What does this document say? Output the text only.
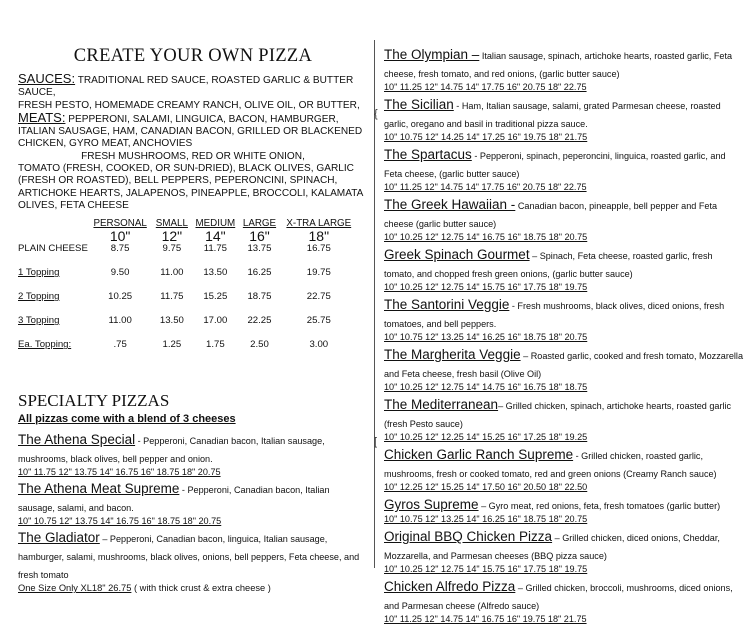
CREATE YOUR OWN PIZZA
SAUCES: TRADITIONAL RED SAUCE, ROASTED GARLIC & BUTTER SAUCE,
FRESH PESTO, HOMEMADE CREAMY RANCH, OLIVE OIL, OR BUTTER,
MEATS: PEPPERONI, SALAMI, LINGUICA, BACON, HAMBURGER, ITALIAN SAUSAGE, HAM, CANADIAN BACON, GRILLED OR BLACKENED CHICKEN, GYRO MEAT, ANCHOVIES
FRESH MUSHROOMS, RED OR WHITE ONION,
TOMATO (FRESH, COOKED, OR SUN-DRIED), BLACK OLIVES, GARLIC (FRESH OR ROASTED), BELL PEPPERS, PEPERONCINI, SPINACH, ARTICHOKE HEARTS, JALAPENOS, PINEAPPLE, BROCCOLI, KALAMATA OLIVES, FETA CHEESE
	PERSONAL	SMALL	MEDIUM	LARGE	X-TRA LARGE
	10"	12"	14"	16"	18"
PLAIN CHEESE	8.75	9.75	11.75	13.75	16.75
1 Topping	9.50	11.00	13.50	16.25	19.75
2 Topping	10.25	11.75	15.25	18.75	22.75
3 Topping	11.00	13.50	17.00	22.25	25.75
Ea. Topping:	.75	1.25	1.75	2.50	3.00
SPECIALTY PIZZAS
All pizzas come with a blend of 3 cheeses
The Athena Special - Pepperoni, Canadian bacon, Italian sausage, mushrooms, black olives, bell pepper and onion.
10" 11.75 12" 13.75 14" 16.75 16" 18.75 18" 20.75
The Athena Meat Supreme - Pepperoni, Canadian bacon, Italian sausage, salami, and bacon.
10" 10.75 12" 13.75 14" 16.75 16" 18.75 18" 20.75
The Gladiator – Pepperoni, Canadian bacon, linguica, Italian sausage, hamburger, salami, mushrooms, black olives, onions, bell peppers, Feta cheese, and fresh tomato
One Size Only XL18" 26.75 ( with thick crust & extra cheese )
The Olympian – Italian sausage, spinach, artichoke hearts, roasted garlic, Feta cheese, fresh tomato, and red onions, (garlic butter sauce)
10" 11.25 12" 14.75 14" 17.75 16" 20.75 18" 22.75
The Sicilian - Ham, Italian sausage, salami, grated Parmesan cheese, roasted garlic, oregano and basil in traditional pizza sauce.
10" 10.75 12" 14.25 14" 17.25 16" 19.75 18" 21.75
The Spartacus - Pepperoni, spinach, peperoncini, linguica, roasted garlic, and Feta cheese, (garlic butter sauce)
10" 11.25 12" 14.75 14" 17.75 16" 20.75 18" 22.75
The Greek Hawaiian - Canadian bacon, pineapple, bell pepper and Feta cheese (garlic butter sauce)
10" 10.25 12" 12.75 14" 16.75 16" 18.75 18" 20.75
Greek Spinach Gourmet – Spinach, Feta cheese, roasted garlic, fresh tomato, and chopped fresh green onions, (garlic butter sauce)
10" 10.25 12" 12.75 14" 15.75 16" 17.75 18" 19.75
The Santorini Veggie - Fresh mushrooms, black olives, diced onions, fresh tomatoes, and bell peppers.
10" 10.75 12" 13.25 14" 16.25 16" 18.75 18" 20.75
The Margherita Veggie – Roasted garlic, cooked and fresh tomato, Mozzarella and Feta cheese, fresh basil (Olive Oil)
10" 10.25 12" 12.75 14" 14.75 16" 16.75 18" 18.75
The Mediterranean– Grilled chicken, spinach, artichoke hearts, roasted garlic (fresh Pesto sauce)
10" 10.25 12" 12.25 14" 15.25 16" 17.25 18" 19.25
Chicken Garlic Ranch Supreme - Grilled chicken, roasted garlic, mushrooms, fresh or cooked tomato, red and green onions (Creamy Ranch sauce)
10" 12.25 12" 15.25 14" 17.50 16" 20.50 18" 22.50
Gyros Supreme – Gyro meat, red onions, feta, fresh tomatoes (garlic butter)
10" 10.75 12" 13.25 14" 16.25 16" 18.75 18" 20.75
Original BBQ Chicken Pizza – Grilled chicken, diced onions, Cheddar, Mozzarella, and Parmesan cheeses (BBQ pizza sauce)
10" 10.25 12" 12.75 14" 15.75 16" 17.75 18" 19.75
Chicken Alfredo Pizza – Grilled chicken, broccoli, mushrooms, diced onions, and Parmesan cheese (Alfredo sauce)
10" 11.25 12" 14.75 14" 16.75 16" 19.75 18" 21.75
{
[
